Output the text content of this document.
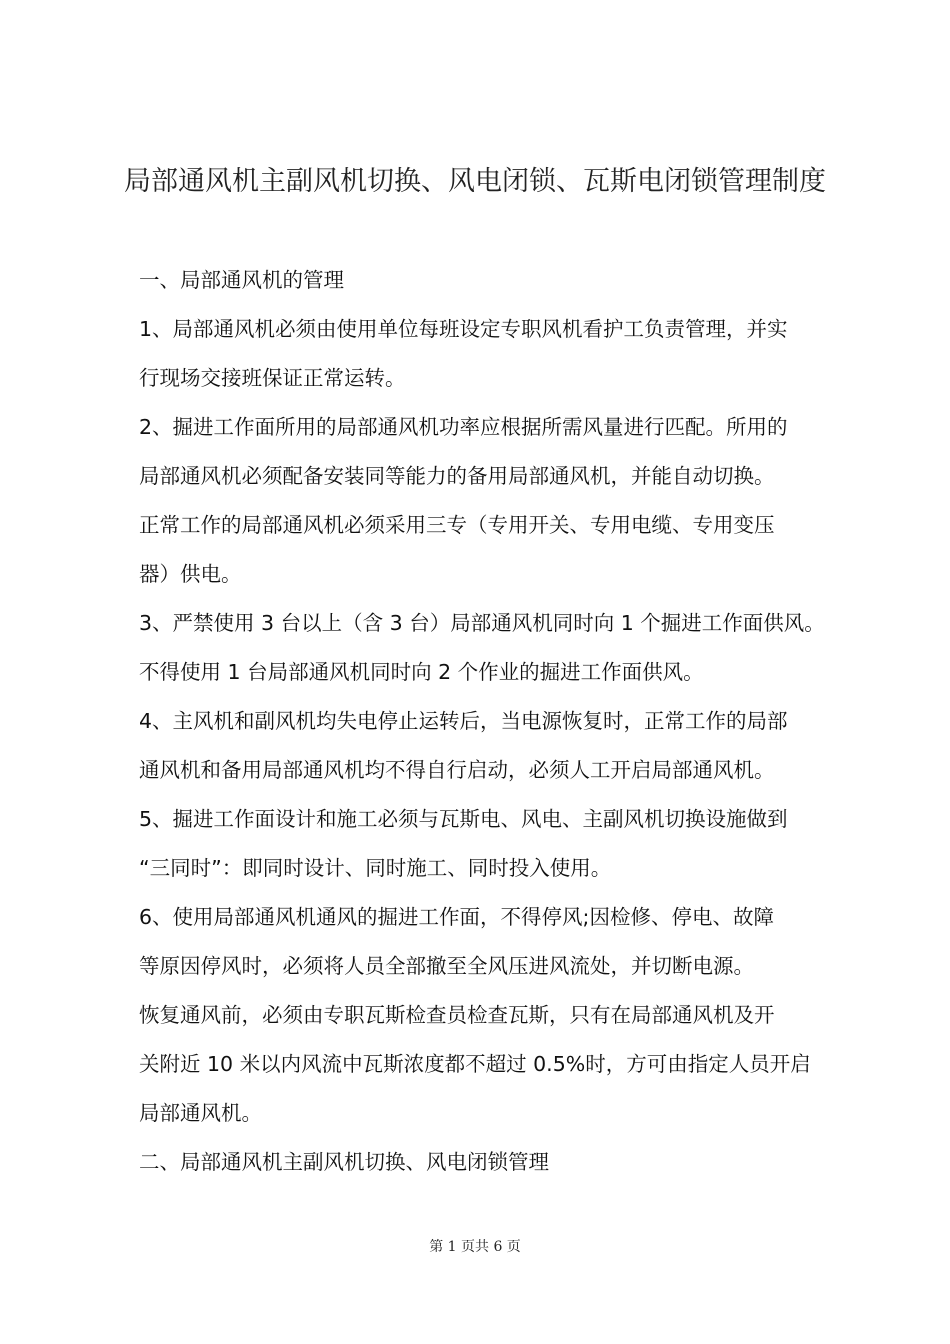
局部通风机主副风机切换、风电闭锁、瓦斯电闭锁管理制度
一、局部通风机的管理
1、局部通风机必须由使用单位每班设定专职风机看护工负责管理，并实
行现场交接班保证正常运转。
2、掘进工作面所用的局部通风机功率应根据所需风量进行匹配。所用的
局部通风机必须配备安装同等能力的备用局部通风机，并能自动切换。
正常工作的局部通风机必须采用三专（专用开关、专用电缆、专用变压
器）供电。
3、严禁使用 3 台以上（含 3 台）局部通风机同时向 1 个掘进工作面供风。
不得使用 1 台局部通风机同时向 2 个作业的掘进工作面供风。
4、主风机和副风机均失电停止运转后，当电源恢复时，正常工作的局部
通风机和备用局部通风机均不得自行启动，必须人工开启局部通风机。
5、掘进工作面设计和施工必须与瓦斯电、风电、主副风机切换设施做到
“三同时”：即同时设计、同时施工、同时投入使用。
6、使用局部通风机通风的掘进工作面，不得停风;因检修、停电、故障
等原因停风时，必须将人员全部撤至全风压进风流处，并切断电源。
恢复通风前，必须由专职瓦斯检查员检查瓦斯，只有在局部通风机及开
关附近 10 米以内风流中瓦斯浓度都不超过 0.5%时，方可由指定人员开启
局部通风机。
二、局部通风机主副风机切换、风电闭锁管理
第 1 页共 6 页
